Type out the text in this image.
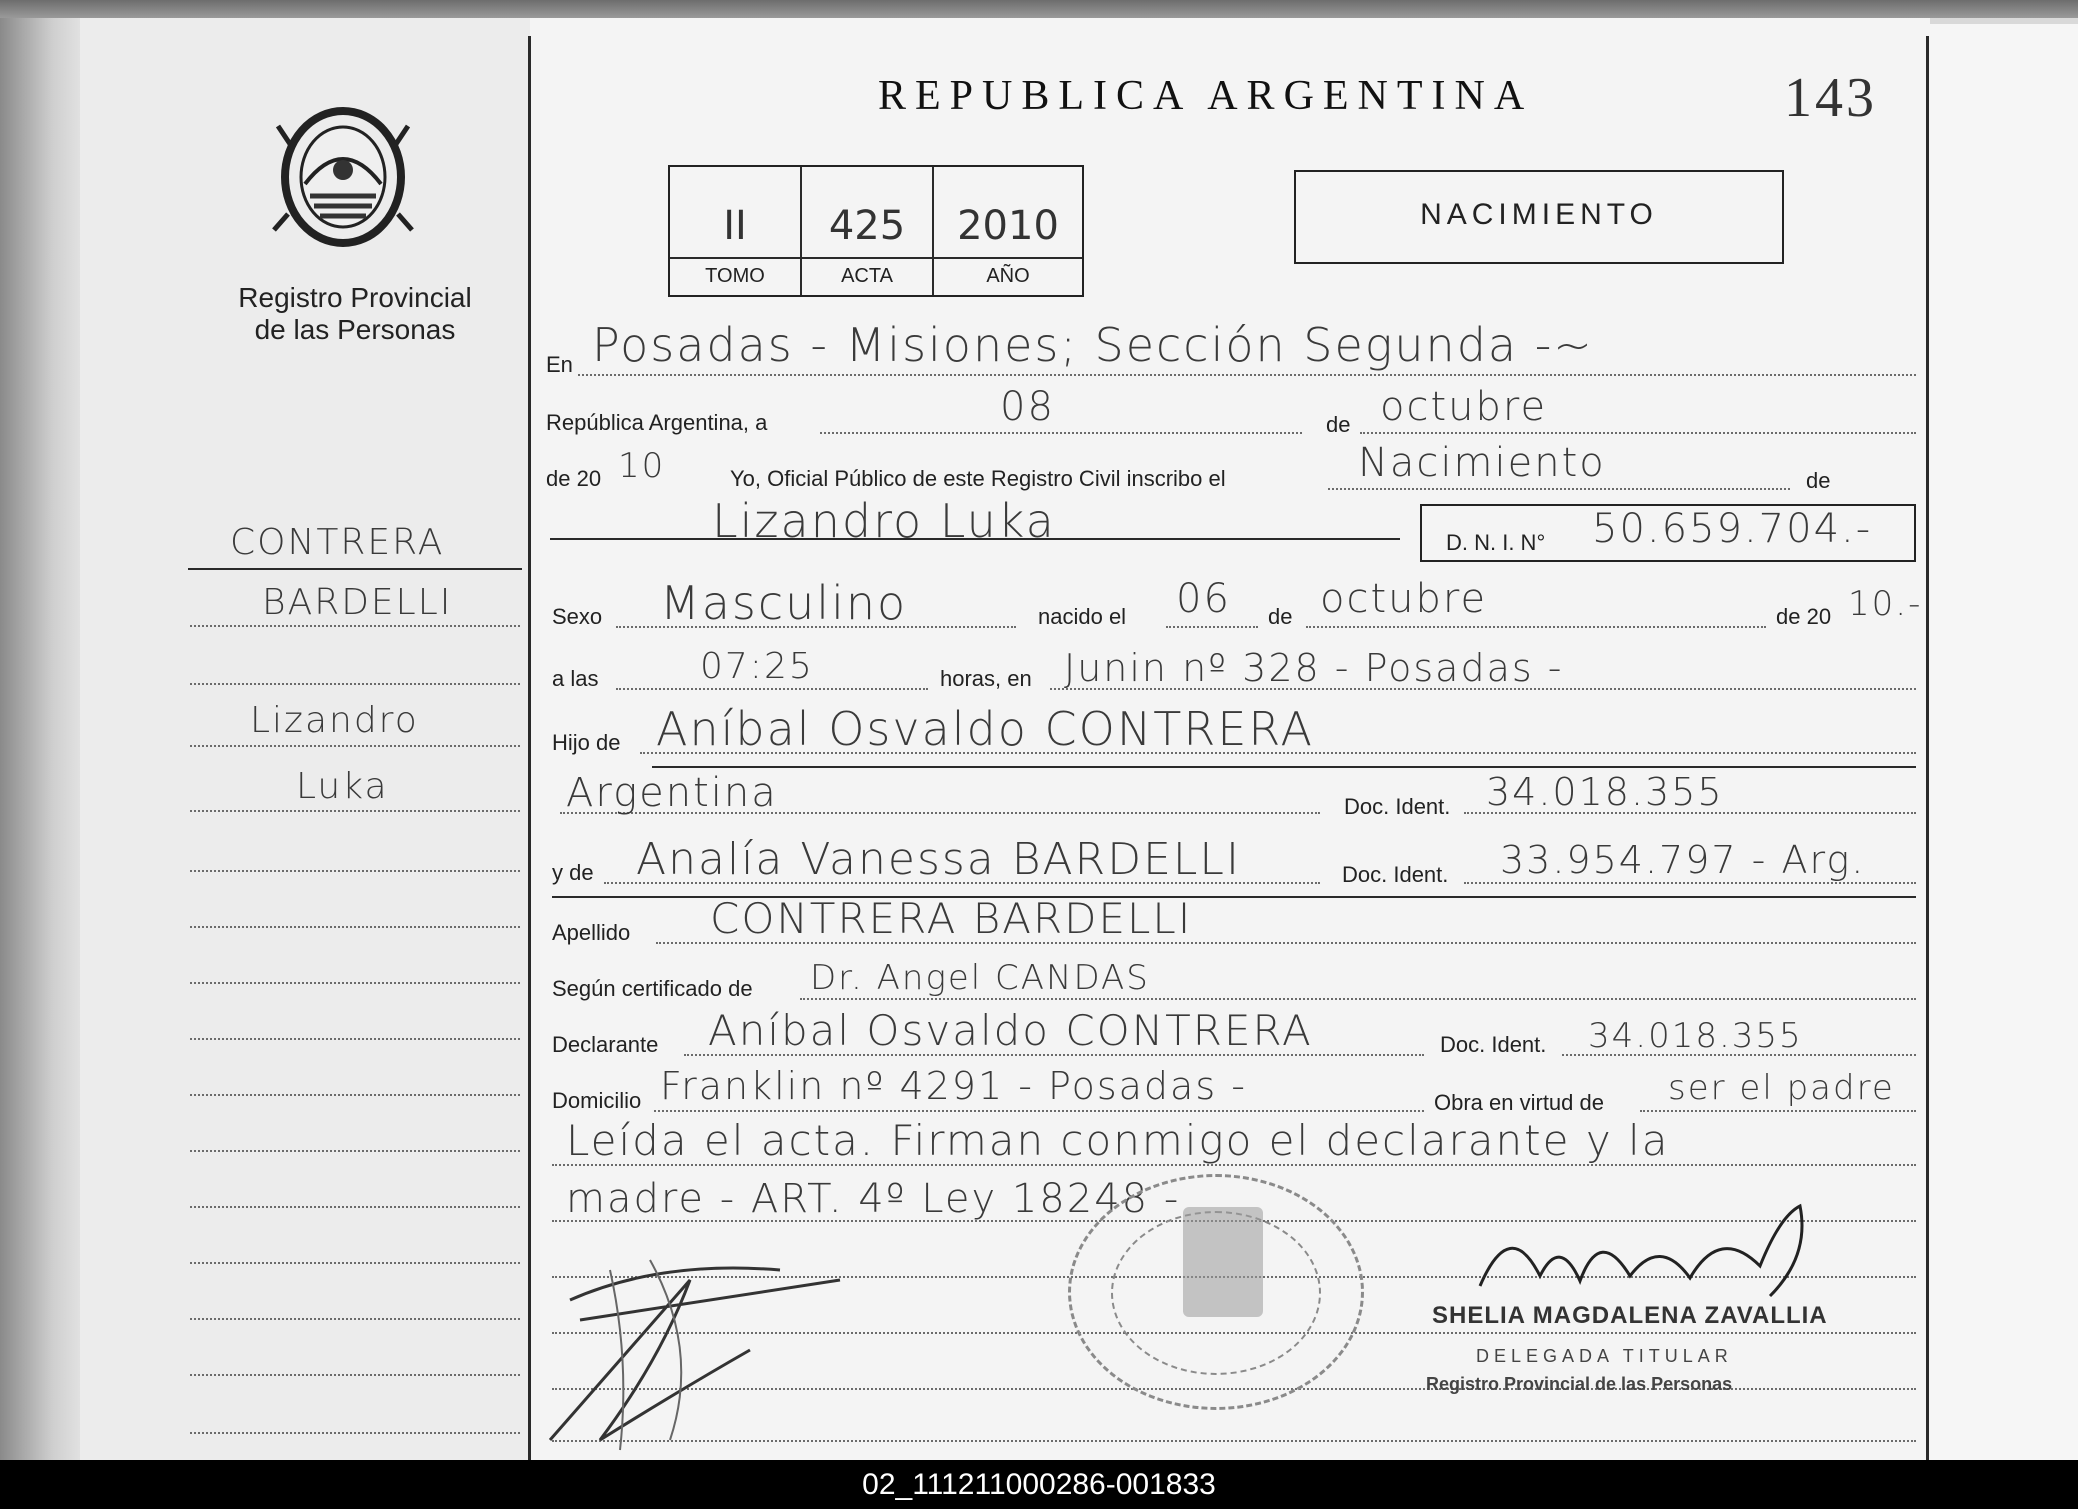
Registro Provincial
de las Personas
CONTRERA
BARDELLI
Lizandro
Luka
REPUBLICA ARGENTINA	143
II	425	2010
TOMO	ACTA	AÑO
NACIMIENTO
En Posadas - Misiones; Sección Segunda -~
República Argentina, a	08	de octubre
de 20 10	Yo, Oficial Público de este Registro Civil inscribo el	Nacimiento	de
Lizandro Luka	D. N. I. N° 50.659.704.-
Sexo Masculino	nacido el 06 de octubre	de 20 10.-
a las	07:25	horas, en Junin nº 328 - Posadas -
Hijo de Aníbal Osvaldo CONTRERA
Argentina	Doc. Ident. 34.018.355
y de Analía Vanessa BARDELLI	Doc. Ident. 33.954.797 - Arg.
Apellido CONTRERA BARDELLI
Según certificado de Dr. Angel CANDAS
Declarante Aníbal Osvaldo CONTRERA	Doc. Ident. 34.018.355
Domicilio Franklin nº 4291 - Posadas -	Obra en virtud de ser el padre
Leída el acta. Firman conmigo el declarante y la
madre - ART. 4º Ley 18248 -
SHELIA MAGDALENA ZAVALLIA
DELEGADA TITULAR
Registro Provincial de las Personas
02_111211000286-001833
